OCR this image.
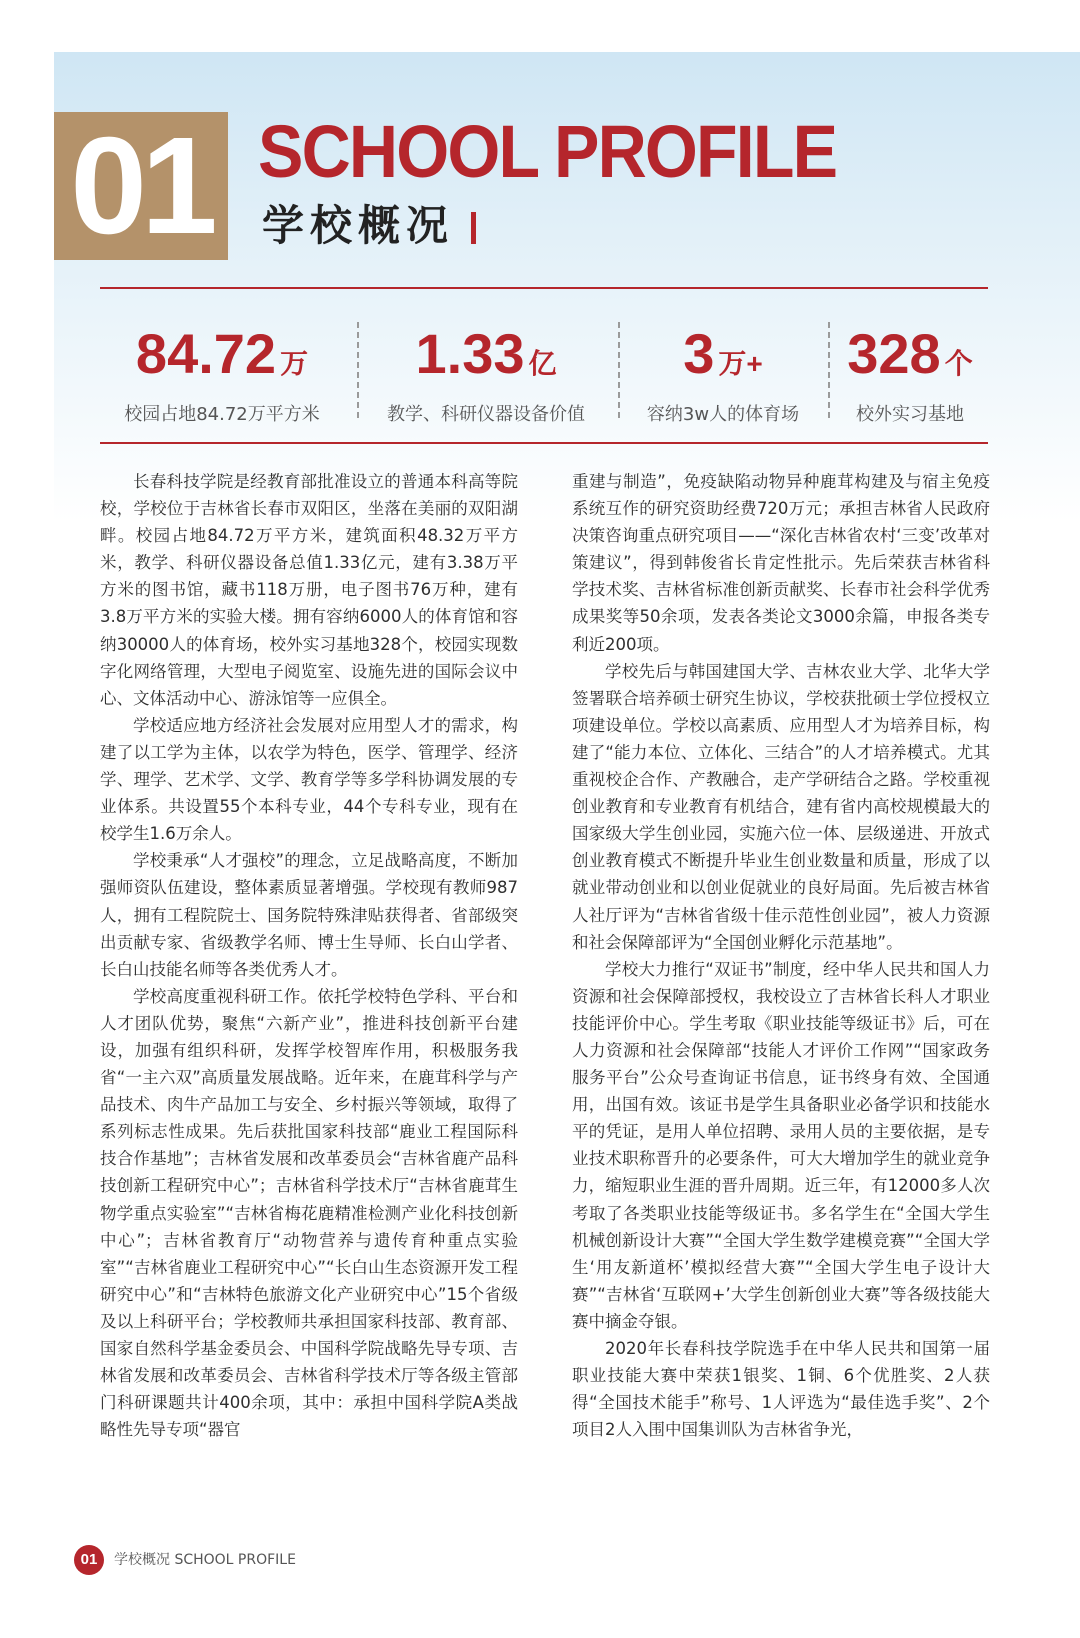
01 SCHOOL PROFILE
学校概况
84.72 万
校园占地84.72万平方米
1.33 亿
教学、科研仪器设备价值
3 万+
容纳3w人的体育场
328 个
校外实习基地

长春科技学院是经教育部批准设立的普通本科高等院校，学校位于吉林省长春市双阳区，坐落在美丽的双阳湖畔。校园占地84.72万平方米，建筑面积48.32万平方米，教学、科研仪器设备总值1.33亿元，建有3.38万平方米的图书馆，藏书118万册，电子图书76万种，建有3.8万平方米的实验大楼。拥有容纳6000人的体育馆和容纳30000人的体育场，校外实习基地328个，校园实现数字化网络管理，大型电子阅览室、设施先进的国际会议中心、文体活动中心、游泳馆等一应俱全。

学校适应地方经济社会发展对应用型人才的需求，构建了以工学为主体，以农学为特色，医学、管理学、经济学、理学、艺术学、文学、教育学等多学科协调发展的专业体系。共设置55个本科专业，44个专科专业，现有在校学生1.6万余人。

学校秉承“人才强校”的理念，立足战略高度，不断加强师资队伍建设，整体素质显著增强。学校现有教师987人，拥有工程院院士、国务院特殊津贴获得者、省部级突出贡献专家、省级教学名师、博士生导师、长白山学者、长白山技能名师等各类优秀人才。

学校高度重视科研工作。依托学校特色学科、平台和人才团队优势，聚焦“六新产业”，推进科技创新平台建设，加强有组织科研，发挥学校智库作用，积极服务我省“一主六双”高质量发展战略。近年来，在鹿茸科学与产品技术、肉牛产品加工与安全、乡村振兴等领域，取得了系列标志性成果。先后获批国家科技部“鹿业工程国际科技合作基地”；吉林省发展和改革委员会“吉林省鹿产品科技创新工程研究中心”；吉林省科学技术厅“吉林省鹿茸生物学重点实验室”“吉林省梅花鹿精准检测产业化科技创新中心”；吉林省教育厅“动物营养与遗传育种重点实验室”“吉林省鹿业工程研究中心”“长白山生态资源开发工程研究中心”和“吉林特色旅游文化产业研究中心”15个省级及以上科研平台；学校教师共承担国家科技部、教育部、国家自然科学基金委员会、中国科学院战略先导专项、吉林省发展和改革委员会、吉林省科学技术厅等各级主管部门科研课题共计400余项，其中：承担中国科学院A类战略性先导专项“器官

重建与制造”，免疫缺陷动物异种鹿茸构建及与宿主免疫系统互作的研究资助经费720万元；承担吉林省人民政府决策咨询重点研究项目——“深化吉林省农村‘三变’改革对策建议”，得到韩俊省长肯定性批示。先后荣获吉林省科学技术奖、吉林省标准创新贡献奖、长春市社会科学优秀成果奖等50余项，发表各类论文3000余篇，申报各类专利近200项。

学校先后与韩国建国大学、吉林农业大学、北华大学签署联合培养硕士研究生协议，学校获批硕士学位授权立项建设单位。学校以高素质、应用型人才为培养目标，构建了“能力本位、立体化、三结合”的人才培养模式。尤其重视校企合作、产教融合，走产学研结合之路。学校重视创业教育和专业教育有机结合，建有省内高校规模最大的国家级大学生创业园，实施六位一体、层级递进、开放式创业教育模式不断提升毕业生创业数量和质量，形成了以就业带动创业和以创业促就业的良好局面。先后被吉林省人社厅评为“吉林省省级十佳示范性创业园”，被人力资源和社会保障部评为“全国创业孵化示范基地”。

学校大力推行“双证书”制度，经中华人民共和国人力资源和社会保障部授权，我校设立了吉林省长科人才职业技能评价中心。学生考取《职业技能等级证书》后，可在人力资源和社会保障部“技能人才评价工作网”“国家政务服务平台”公众号查询证书信息，证书终身有效、全国通用，出国有效。该证书是学生具备职业必备学识和技能水平的凭证，是用人单位招聘、录用人员的主要依据，是专业技术职称晋升的必要条件，可大大增加学生的就业竞争力，缩短职业生涯的晋升周期。近三年，有12000多人次考取了各类职业技能等级证书。多名学生在“全国大学生机械创新设计大赛”“全国大学生数学建模竞赛”“全国大学生‘用友新道杯’模拟经营大赛”“全国大学生电子设计大赛”“吉林省‘互联网+’大学生创新创业大赛”等各级技能大赛中摘金夺银。

2020年长春科技学院选手在中华人民共和国第一届职业技能大赛中荣获1银奖、1铜、6个优胜奖、2人获得“全国技术能手”称号、1人评选为“最佳选手奖”、2个项目2人入围中国集训队为吉林省争光，

01	学校概况 SCHOOL PROFILE
